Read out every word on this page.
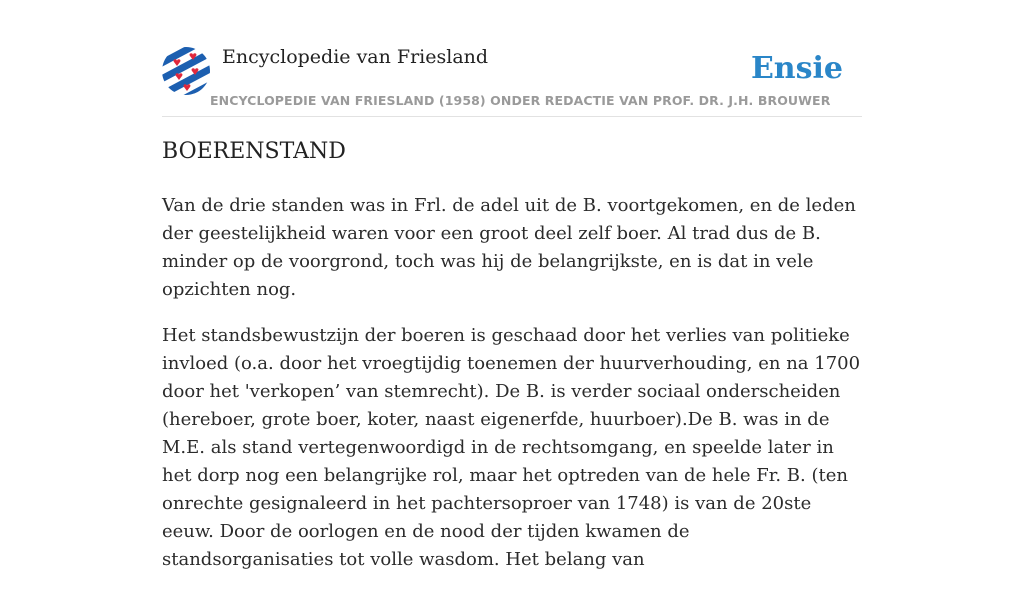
Encyclopedie van Friesland
ENCYCLOPEDIE VAN FRIESLAND (1958) ONDER REDACTIE VAN PROF. DR. J.H. BROUWER
Ensie
BOERENSTAND

Van de drie standen was in Frl. de adel uit de B. voortgekomen, en de leden der geestelijkheid waren voor een groot deel zelf boer. Al trad dus de B. minder op de voorgrond, toch was hij de belangrijkste, en is dat in vele opzichten nog.

Het standsbewustzijn der boeren is geschaad door het verlies van politieke invloed (o.a. door het vroegtijdig toenemen der huurverhouding, en na 1700 door het 'verkopen’ van stemrecht). De B. is verder sociaal onderscheiden (hereboer, grote boer, koter, naast eigenerfde, huurboer).De B. was in de M.E. als stand vertegenwoordigd in de rechtsomgang, en speelde later in het dorp nog een belangrijke rol, maar het optreden van de hele Fr. B. (ten onrechte gesignaleerd in het pachtersoproer van 1748) is van de 20ste eeuw. Door de oorlogen en de nood der tijden kwamen de standsorganisaties tot volle wasdom. Het belang van
